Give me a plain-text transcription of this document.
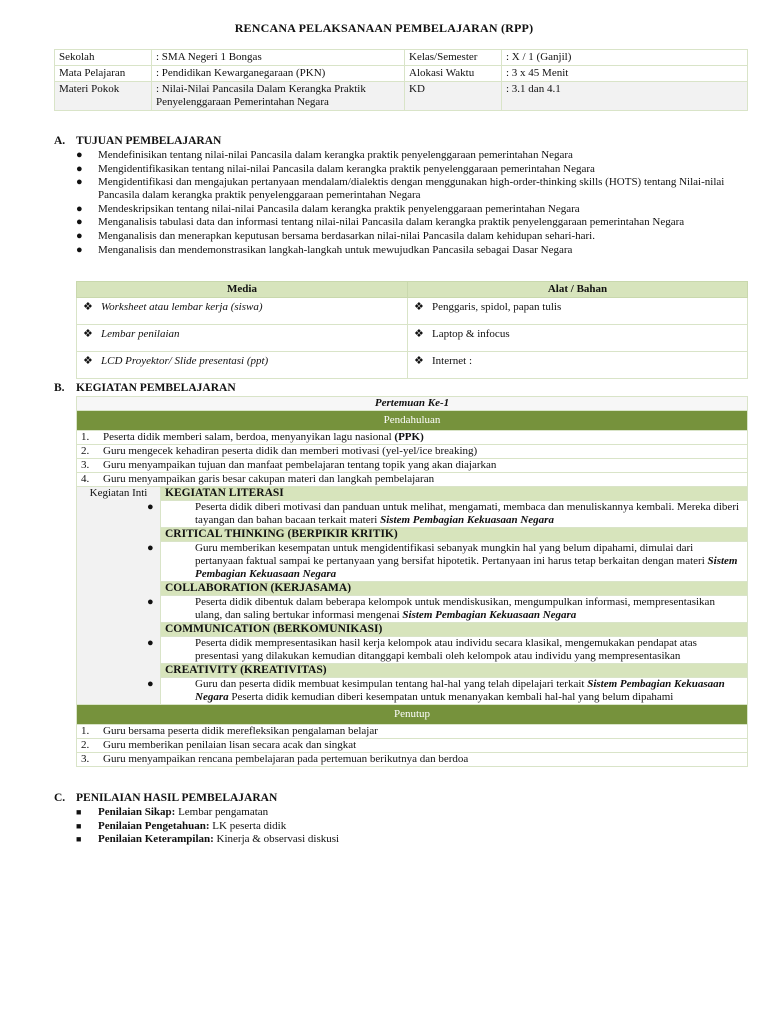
RENCANA PELAKSANAAN PEMBELAJARAN (RPP)
Sekolah	: SMA Negeri 1 Bongas	Kelas/Semester	: X / 1 (Ganjil)
Mata Pelajaran	: Pendidikan Kewarganegaraan (PKN)	Alokasi Waktu	: 3 x 45 Menit
Materi Pokok	: Nilai-Nilai Pancasila Dalam Kerangka Praktik Penyelenggaraan Pemerintahan Negara	KD	: 3.1 dan 4.1
A. TUJUAN PEMBELAJARAN
● Mendefinisikan tentang nilai-nilai Pancasila dalam kerangka praktik penyelenggaraan pemerintahan Negara
● Mengidentifikasikan tentang nilai-nilai Pancasila dalam kerangka praktik penyelenggaraan pemerintahan Negara
● Mengidentifikasi dan mengajukan pertanyaan mendalam/dialektis dengan menggunakan high-order-thinking skills (HOTS) tentang Nilai-nilai Pancasila dalam kerangka praktik penyelenggaraan pemerintahan Negara
● Mendeskripsikan tentang nilai-nilai Pancasila dalam kerangka praktik penyelenggaraan pemerintahan Negara
● Menganalisis tabulasi data dan informasi tentang nilai-nilai Pancasila dalam kerangka praktik penyelenggaraan pemerintahan Negara
● Menganalisis dan menerapkan keputusan bersama berdasarkan nilai-nilai Pancasila dalam kehidupan sehari-hari.
● Menganalisis dan mendemonstrasikan langkah-langkah untuk mewujudkan Pancasila sebagai Dasar Negara
Media	Alat / Bahan
❖ Worksheet atau lembar kerja (siswa)	❖ Penggaris, spidol, papan tulis
❖ Lembar penilaian	❖ Laptop & infocus
❖ LCD Proyektor/ Slide presentasi (ppt)	❖ Internet :
B. KEGIATAN PEMBELAJARAN
Pertemuan Ke-1
Pendahuluan
1. Peserta didik memberi salam, berdoa, menyanyikan lagu nasional (PPK)
2. Guru mengecek kehadiran peserta didik dan memberi motivasi (yel-yel/ice breaking)
3. Guru menyampaikan tujuan dan manfaat pembelajaran tentang topik yang akan diajarkan
4. Guru menyampaikan garis besar cakupan materi dan langkah pembelajaran
Kegiatan Inti	KEGIATAN LITERASI

●	Peserta didik diberi motivasi dan panduan untuk melihat, mengamati, membaca dan menuliskannya kembali. Mereka diberi tayangan dan bahan bacaan terkait materi Sistem Pembagian Kekuasaan Negara

CRITICAL THINKING (BERPIKIR KRITIK)

●	Guru memberikan kesempatan untuk mengidentifikasi sebanyak mungkin hal yang belum dipahami, dimulai dari pertanyaan faktual sampai ke pertanyaan yang bersifat hipotetik. Pertanyaan ini harus tetap berkaitan dengan materi Sistem Pembagian Kekuasaan Negara

COLLABORATION (KERJASAMA)

●	Peserta didik dibentuk dalam beberapa kelompok untuk mendiskusikan, mengumpulkan informasi, mempresentasikan ulang, dan saling bertukar informasi mengenai Sistem Pembagian Kekuasaan Negara

COMMUNICATION (BERKOMUNIKASI)

●	Peserta didik mempresentasikan hasil kerja kelompok atau individu secara klasikal, mengemukakan pendapat atas presentasi yang dilakukan kemudian ditanggapi kembali oleh kelompok atau individu yang mempresentasikan

CREATIVITY (KREATIVITAS)

●	Guru dan peserta didik membuat kesimpulan tentang hal-hal yang telah dipelajari terkait Sistem Pembagian Kekuasaan Negara Peserta didik kemudian diberi kesempatan untuk menanyakan kembali hal-hal yang belum dipahami

Penutup
1. Guru bersama peserta didik merefleksikan pengalaman belajar
2. Guru memberikan penilaian lisan secara acak dan singkat
3. Guru menyampaikan rencana pembelajaran pada pertemuan berikutnya dan berdoa
C. PENILAIAN HASIL PEMBELAJARAN
■ Penilaian Sikap: Lembar pengamatan
■ Penilaian Pengetahuan: LK peserta didik
■ Penilaian Keterampilan: Kinerja & observasi diskusi
